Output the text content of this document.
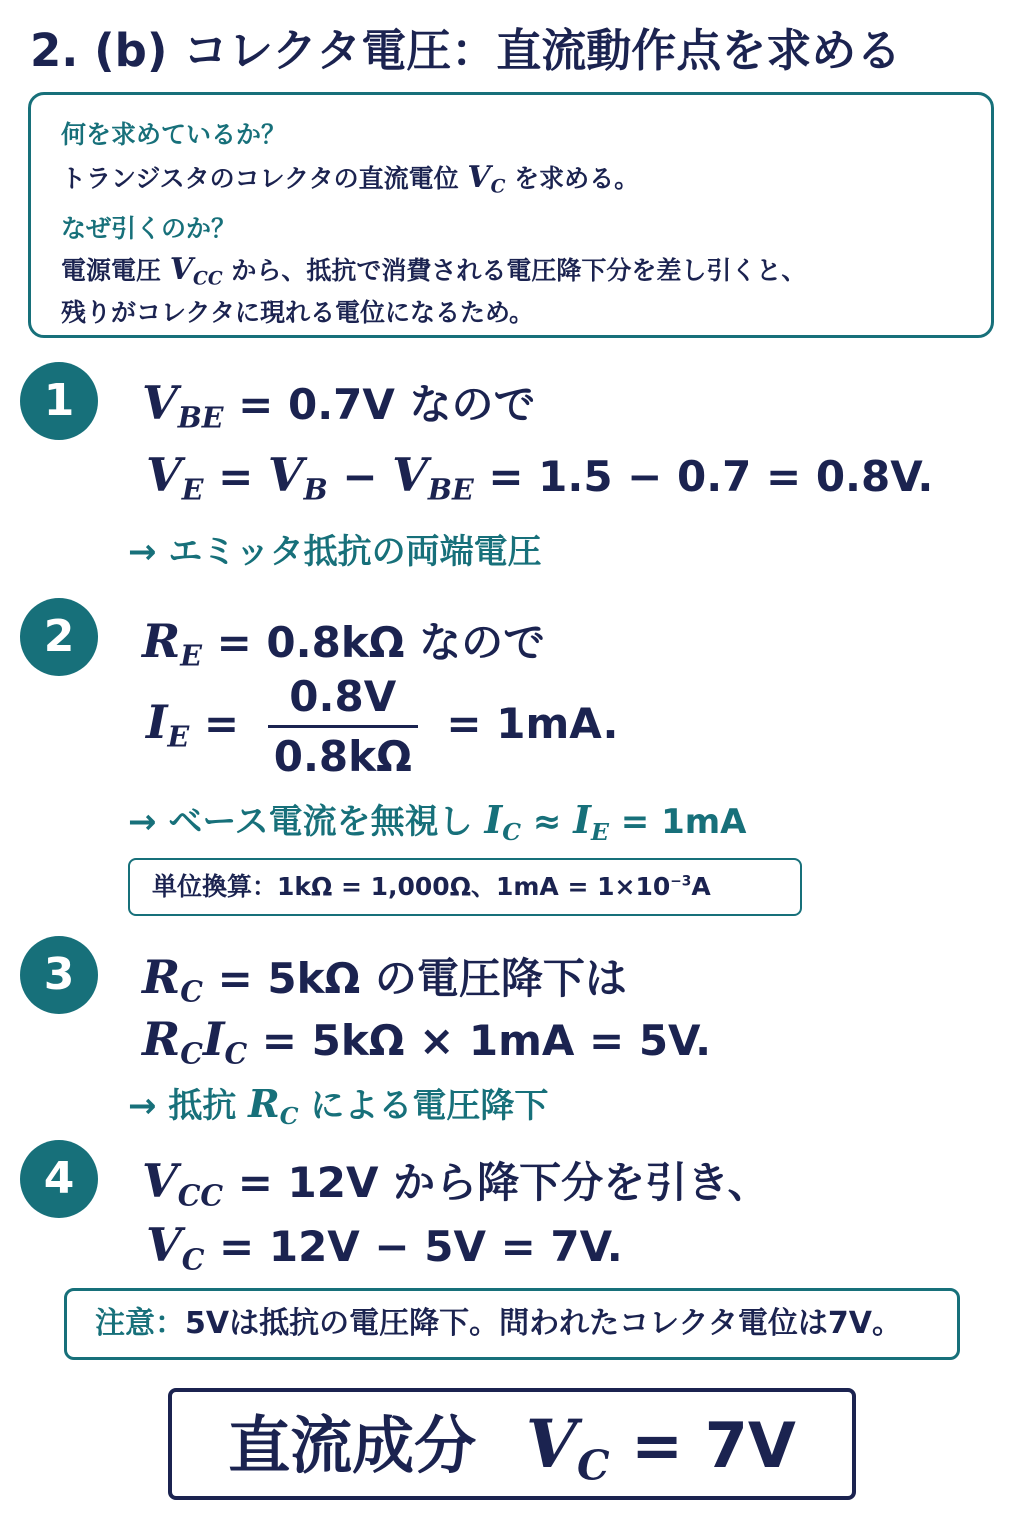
2. (b) コレクタ電圧：直流動作点を求める
何を求めているか？
トランジスタのコレクタの直流電位 $V_C$ を求める。
なぜ引くのか？
電源電圧 $V_{CC}$ から、抵抗で消費される電圧降下分を差し引くと、
残りがコレクタに現れる電位になるため。
1	$V_{BE} = 0.7V$ なので
$V_E = V_B - V_{BE} = 1.5 - 0.7 = 0.8V$.
→ エミッタ抵抗の両端電圧
2	$R_E = 0.8k\Omega$ なので
$I_E = \frac{0.8V}{0.8k\Omega} = 1mA$.
→ ベース電流を無視し $I_C \approx I_E = 1mA$
単位換算：1kΩ = 1,000Ω、$1mA = 1\times 10^{-3}A$
3	$R_C = 5k\Omega$ の電圧降下は
$R_CI_C = 5k\Omega \times 1mA = 5V$.
→ 抵抗 $R_C$ による電圧降下
4	$V_{CC} = 12V$ から降下分を引き、
$V_C = 12V - 5V = 7V$.
注意：5Vは抵抗の電圧降下。問われたコレクタ電位は7V。
直流成分 $V_C = 7V$
